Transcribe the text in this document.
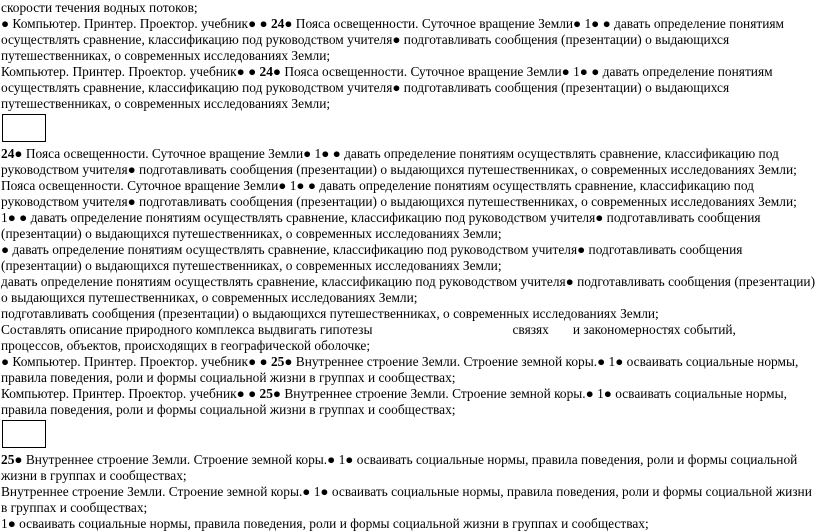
скорости течения водных потоков;

● Компьютер. Принтер. Проектор. учебник● ● 24● Пояса освещенности. Суточное вращение Земли● 1● ● давать определение понятиям осуществлять сравнение, классификацию под руководством учителя● подготавливать сообщения (презентации) о выдающихся путешественниках, о современных исследованиях Земли;

Компьютер. Принтер. Проектор. учебник● ● 24● Пояса освещенности. Суточное вращение Земли● 1● ● давать определение понятиям осуществлять сравнение, классификацию под руководством учителя● подготавливать сообщения (презентации) о выдающихся путешественниках, о современных исследованиях Земли;

24● Пояса освещенности. Суточное вращение Земли● 1● ● давать определение понятиям осуществлять сравнение, классификацию под руководством учителя● подготавливать сообщения (презентации) о выдающихся путешественниках, о современных исследованиях Земли;

Пояса освещенности. Суточное вращение Земли● 1● ● давать определение понятиям осуществлять сравнение, классификацию под руководством учителя● подготавливать сообщения (презентации) о выдающихся путешественниках, о современных исследованиях Земли;

1● ● давать определение понятиям осуществлять сравнение, классификацию под руководством учителя● подготавливать сообщения (презентации) о выдающихся путешественниках, о современных исследованиях Земли;

● давать определение понятиям осуществлять сравнение, классификацию под руководством учителя● подготавливать сообщения (презентации) о выдающихся путешественниках, о современных исследованиях Земли;

давать определение понятиям осуществлять сравнение, классификацию под руководством учителя● подготавливать сообщения (презентации) о выдающихся путешественниках, о современных исследованиях Земли;

подготавливать сообщения (презентации) о выдающихся путешественниках, о современных исследованиях Земли;

Составлять описание природного комплекса выдвигать гипотезы	связях и закономерностях событий,
процессов, объектов, происходящих в географической оболочке;

● Компьютер. Принтер. Проектор. учебник● ● 25● Внутреннее строение Земли. Строение земной коры.● 1● осваивать социальные нормы, правила поведения, роли и формы социальной жизни в группах и сообществах;

Компьютер. Принтер. Проектор. учебник● ● 25● Внутреннее строение Земли. Строение земной коры.● 1● осваивать социальные нормы, правила поведения, роли и формы социальной жизни в группах и сообществах;

25● Внутреннее строение Земли. Строение земной коры.● 1● осваивать социальные нормы, правила поведения, роли и формы социальной жизни в группах и сообществах;

Внутреннее строение Земли. Строение земной коры.● 1● осваивать социальные нормы, правила поведения, роли и формы социальной жизни в группах и сообществах;

1● осваивать социальные нормы, правила поведения, роли и формы социальной жизни в группах и сообществах;
